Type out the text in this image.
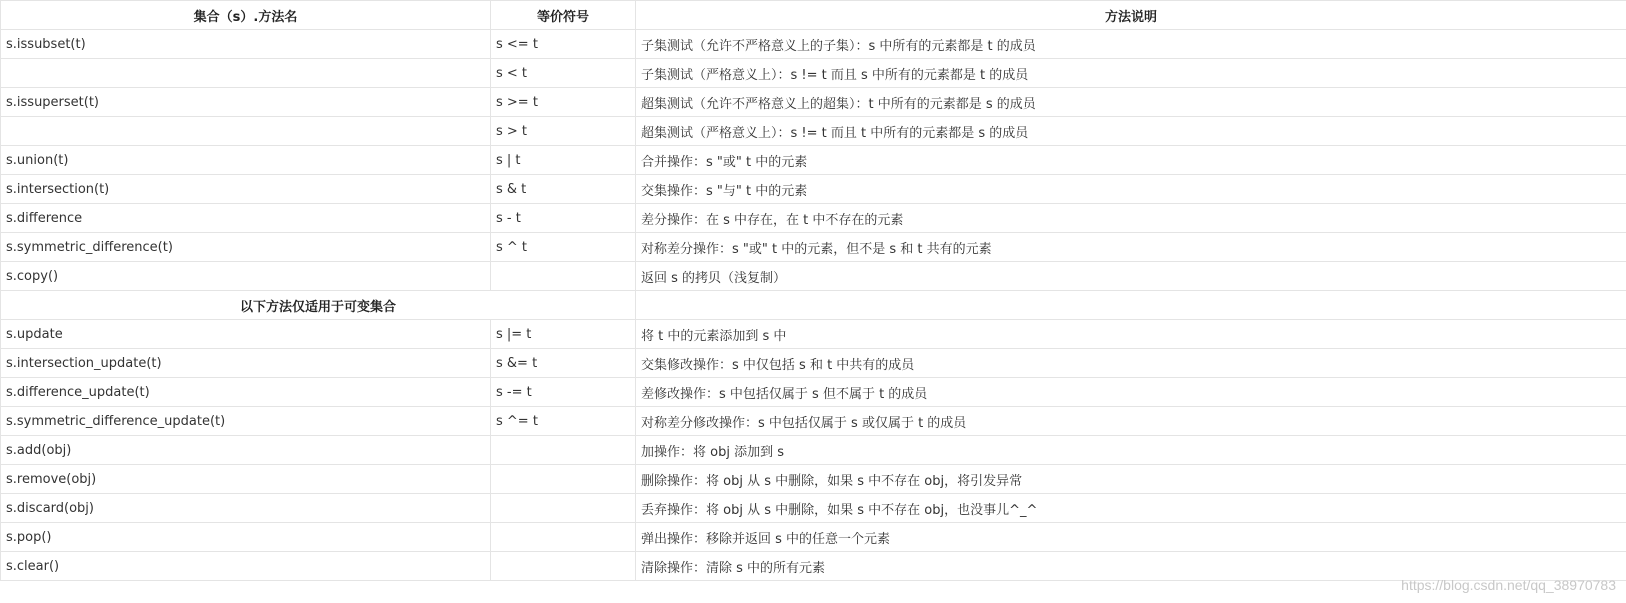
集合（s）.方法名	等价符号	方法说明
s.issubset(t)	s <= t	子集测试（允许不严格意义上的子集）：s 中所有的元素都是 t 的成员
	s < t	子集测试（严格意义上）：s != t 而且 s 中所有的元素都是 t 的成员
s.issuperset(t)	s >= t	超集测试（允许不严格意义上的超集）：t 中所有的元素都是 s 的成员
	s > t	超集测试（严格意义上）：s != t 而且 t 中所有的元素都是 s 的成员
s.union(t)	s | t	合并操作：s "或" t 中的元素
s.intersection(t)	s & t	交集操作：s "与" t 中的元素
s.difference	s - t	差分操作：在 s 中存在，在 t 中不存在的元素
s.symmetric_difference(t)	s ^ t	对称差分操作：s "或" t 中的元素，但不是 s 和 t 共有的元素
s.copy()		返回 s 的拷贝（浅复制）
以下方法仅适用于可变集合		
s.update	s |= t	将 t 中的元素添加到 s 中
s.intersection_update(t)	s &= t	交集修改操作：s 中仅包括 s 和 t 中共有的成员
s.difference_update(t)	s -= t	差修改操作：s 中包括仅属于 s 但不属于 t 的成员
s.symmetric_difference_update(t)	s ^= t	对称差分修改操作：s 中包括仅属于 s 或仅属于 t 的成员
s.add(obj)		加操作：将 obj 添加到 s
s.remove(obj)		删除操作：将 obj 从 s 中删除，如果 s 中不存在 obj，将引发异常
s.discard(obj)		丢弃操作：将 obj 从 s 中删除，如果 s 中不存在 obj，也没事儿^_^
s.pop()		弹出操作：移除并返回 s 中的任意一个元素
s.clear()		清除操作：清除 s 中的所有元素
https://blog.csdn.net/qq_38970783
